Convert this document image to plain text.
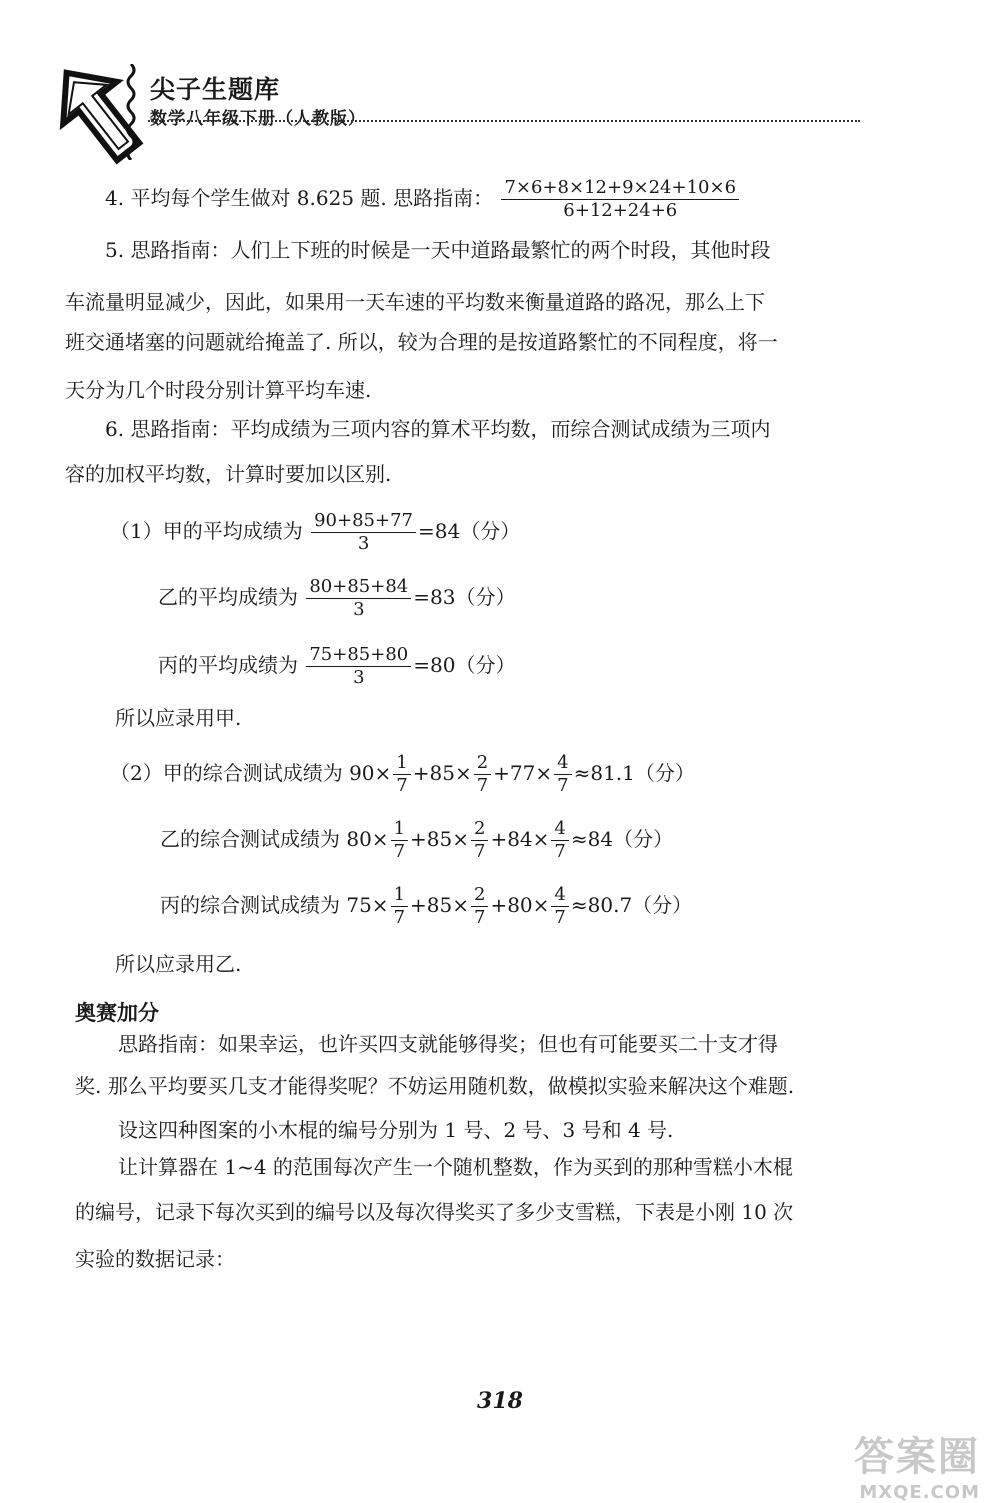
尖子生题库
数学八年级下册（人教版）
4. 平均每个学生做对 8.625 题. 思路指南： $\frac{7\times 6+8\times 12+9\times 24+10\times 6}{6+12+24+6}$
5. 思路指南：人们上下班的时候是一天中道路最繁忙的两个时段，其他时段
车流量明显减少，因此，如果用一天车速的平均数来衡量道路的路况，那么上下
班交通堵塞的问题就给掩盖了. 所以，较为合理的是按道路繁忙的不同程度，将一
天分为几个时段分别计算平均车速.
6. 思路指南：平均成绩为三项内容的算术平均数，而综合测试成绩为三项内
容的加权平均数，计算时要加以区别.
（1）甲的平均成绩为 $\frac{90+85+77}{3} =84$（分）
乙的平均成绩为 $\frac{80+85+84}{3} =83$（分）
丙的平均成绩为 $\frac{75+85+80}{3} =80$（分）
所以应录用甲.
（2）甲的综合测试成绩为 $90\times \frac{1}{7} +85\times \frac{2}{7} +77\times \frac{4}{7} \approx 81.1$（分）
乙的综合测试成绩为 $80\times \frac{1}{7} +85\times \frac{2}{7} +84\times \frac{4}{7} \approx 84$（分）
丙的综合测试成绩为 $75\times \frac{1}{7} +85\times \frac{2}{7} +80\times \frac{4}{7} \approx 80.7$（分）
所以应录用乙.
奥赛加分
思路指南：如果幸运，也许买四支就能够得奖；但也有可能要买二十支才得
奖. 那么平均要买几支才能得奖呢？不妨运用随机数，做模拟实验来解决这个难题.
设这四种图案的小木棍的编号分别为 1 号、2 号、3 号和 4 号.
让计算器在 1~4 的范围每次产生一个随机整数，作为买到的那种雪糕小木棍
的编号，记录下每次买到的编号以及每次得奖买了多少支雪糕，下表是小刚 10 次
实验的数据记录：
318
答案圈
MXQE.COM
